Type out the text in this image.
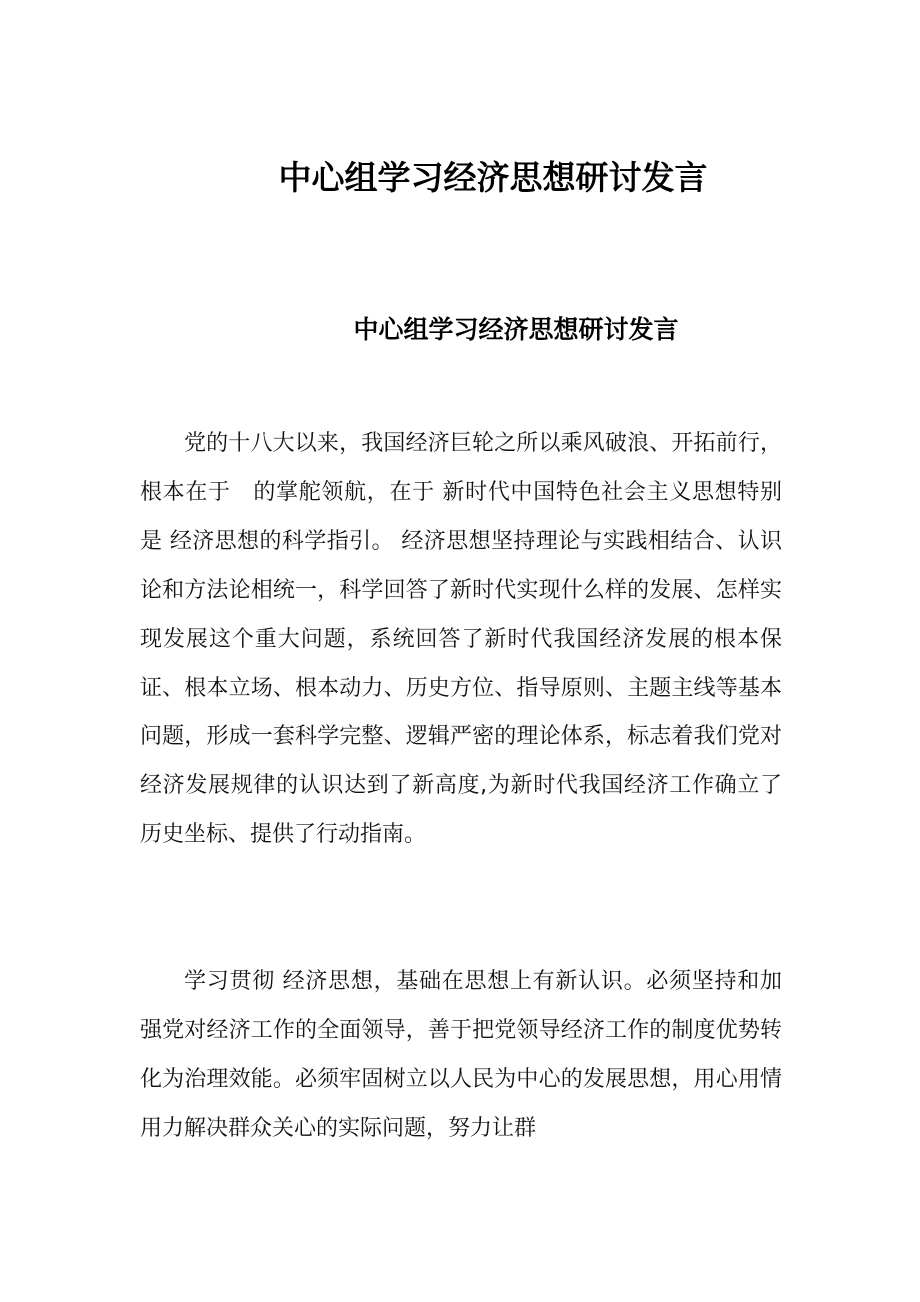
中心组学习经济思想研讨发言
中心组学习经济思想研讨发言

党的十八大以来，我国经济巨轮之所以乘风破浪、开拓前行，根本在于　的掌舵领航，在于 新时代中国特色社会主义思想特别是 经济思想的科学指引。 经济思想坚持理论与实践相结合、认识论和方法论相统一，科学回答了新时代实现什么样的发展、怎样实现发展这个重大问题，系统回答了新时代我国经济发展的根本保证、根本立场、根本动力、历史方位、指导原则、主题主线等基本问题，形成一套科学完整、逻辑严密的理论体系，标志着我们党对经济发展规律的认识达到了新高度,为新时代我国经济工作确立了历史坐标、提供了行动指南。

学习贯彻 经济思想，基础在思想上有新认识。必须坚持和加强党对经济工作的全面领导，善于把党领导经济工作的制度优势转化为治理效能。必须牢固树立以人民为中心的发展思想，用心用情用力解决群众关心的实际问题，努力让群
